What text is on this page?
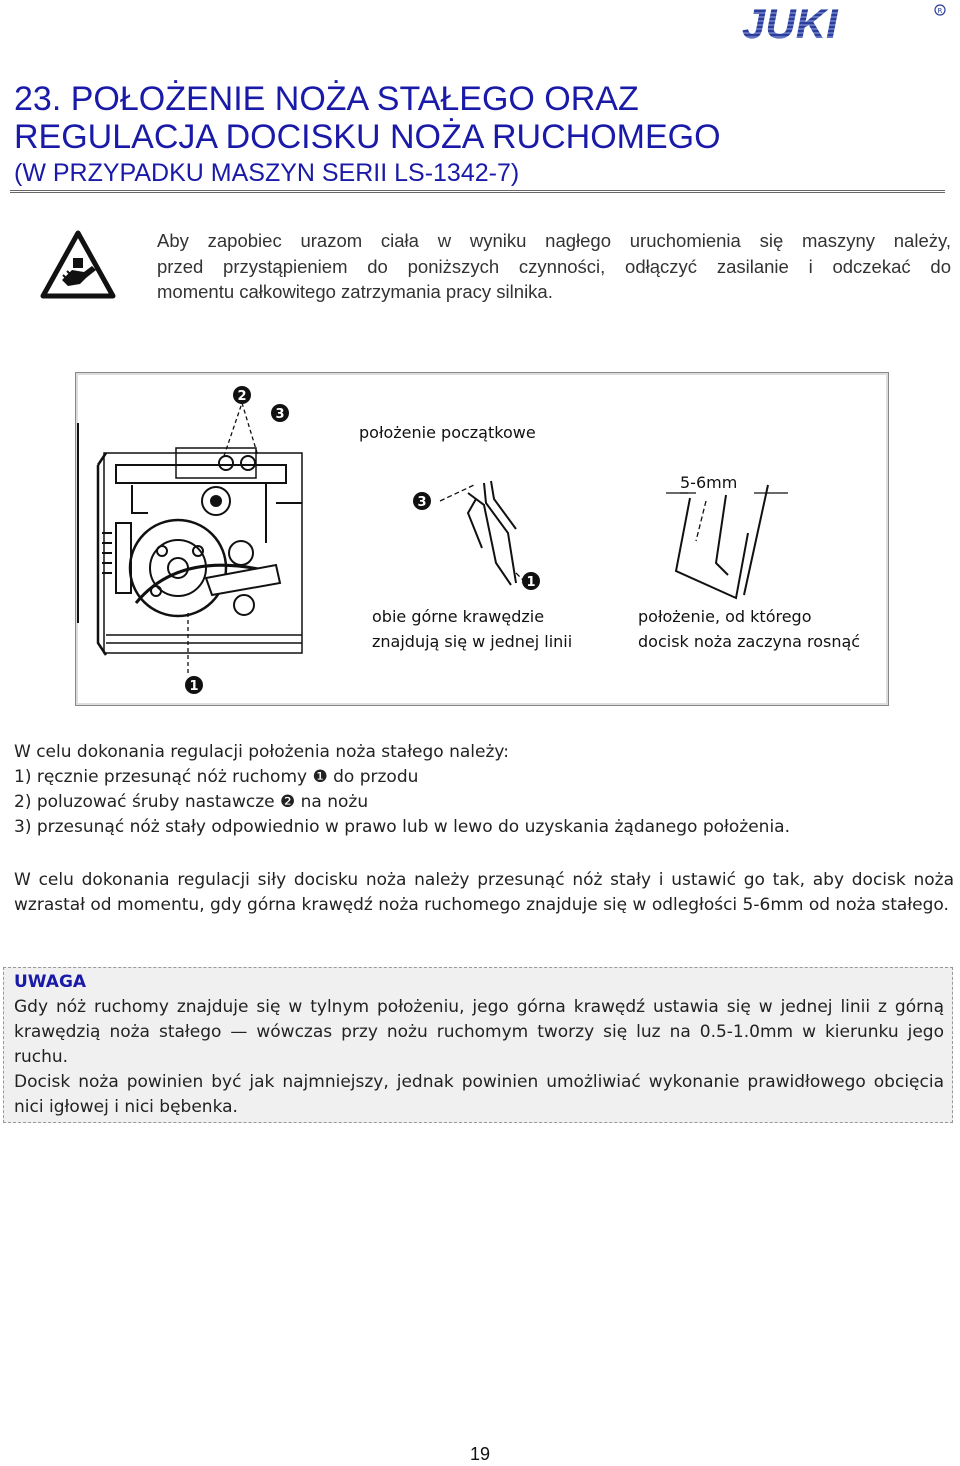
JUKI	R
23. POŁOŻENIE NOŻA STAŁEGO ORAZ
REGULACJA DOCISKU NOŻA RUCHOMEGO
(W PRZYPADKU MASZYN SERII LS-1342-7)
Aby zapobiec urazom ciała w wyniku nagłego uruchomienia się maszyny należy,
przed przystąpieniem do poniższych czynności, odłączyć zasilanie i odczekać do
momentu całkowitego zatrzymania pracy silnika.
2
3
1
położenie początkowe
3
1
5-6mm
obie górne krawędzie
znajdują się w jednej linii
położenie, od którego
docisk noża zaczyna rosnąć
W celu dokonania regulacji położenia noża stałego należy:
1) ręcznie przesunąć nóż ruchomy ❶ do przodu
2) poluzować śruby nastawcze ❷ na nożu
3) przesunąć nóż stały odpowiednio w prawo lub w lewo do uzyskania żądanego położenia.
W celu dokonania regulacji siły docisku noża należy przesunąć nóż stały i ustawić go tak, aby docisk noża wzrastał od momentu, gdy górna krawędź noża ruchomego znajduje się w odległości 5-6mm od noża stałego.
UWAGA
Gdy nóż ruchomy znajduje się w tylnym położeniu, jego górna krawędź ustawia się w jednej linii z górną krawędzią noża stałego — wówczas przy nożu ruchomym tworzy się luz na 0.5-1.0mm w kierunku jego ruchu.
Docisk noża powinien być jak najmniejszy, jednak powinien umożliwiać wykonanie prawidłowego obcięcia nici igłowej i nici bębenka.
19
